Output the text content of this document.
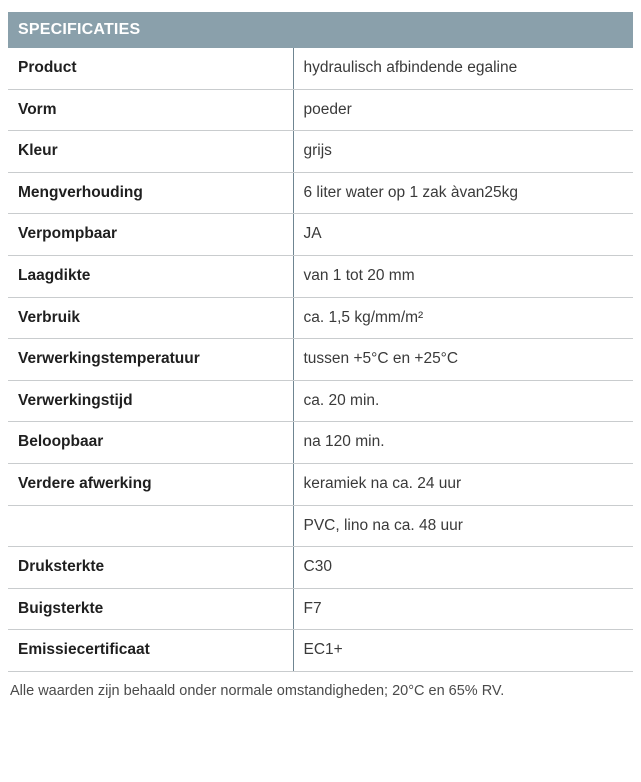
SPECIFICATIES
Product	hydraulisch afbindende egaline
Vorm	poeder
Kleur	grijs
Mengverhouding	6 liter water op 1 zak àvan25kg
Verpompbaar	JA
Laagdikte	van 1 tot 20 mm
Verbruik	ca. 1,5 kg/mm/m²
Verwerkingstemperatuur	tussen +5°C en +25°C
Verwerkingstijd	ca. 20 min.
Beloopbaar	na 120 min.
Verdere afwerking	keramiek na ca. 24 uur
	PVC, lino na ca. 48 uur
Druksterkte	C30
Buigsterkte	F7
Emissiecertificaat	EC1+
Alle waarden zijn behaald onder normale omstandigheden; 20°C en 65% RV.
